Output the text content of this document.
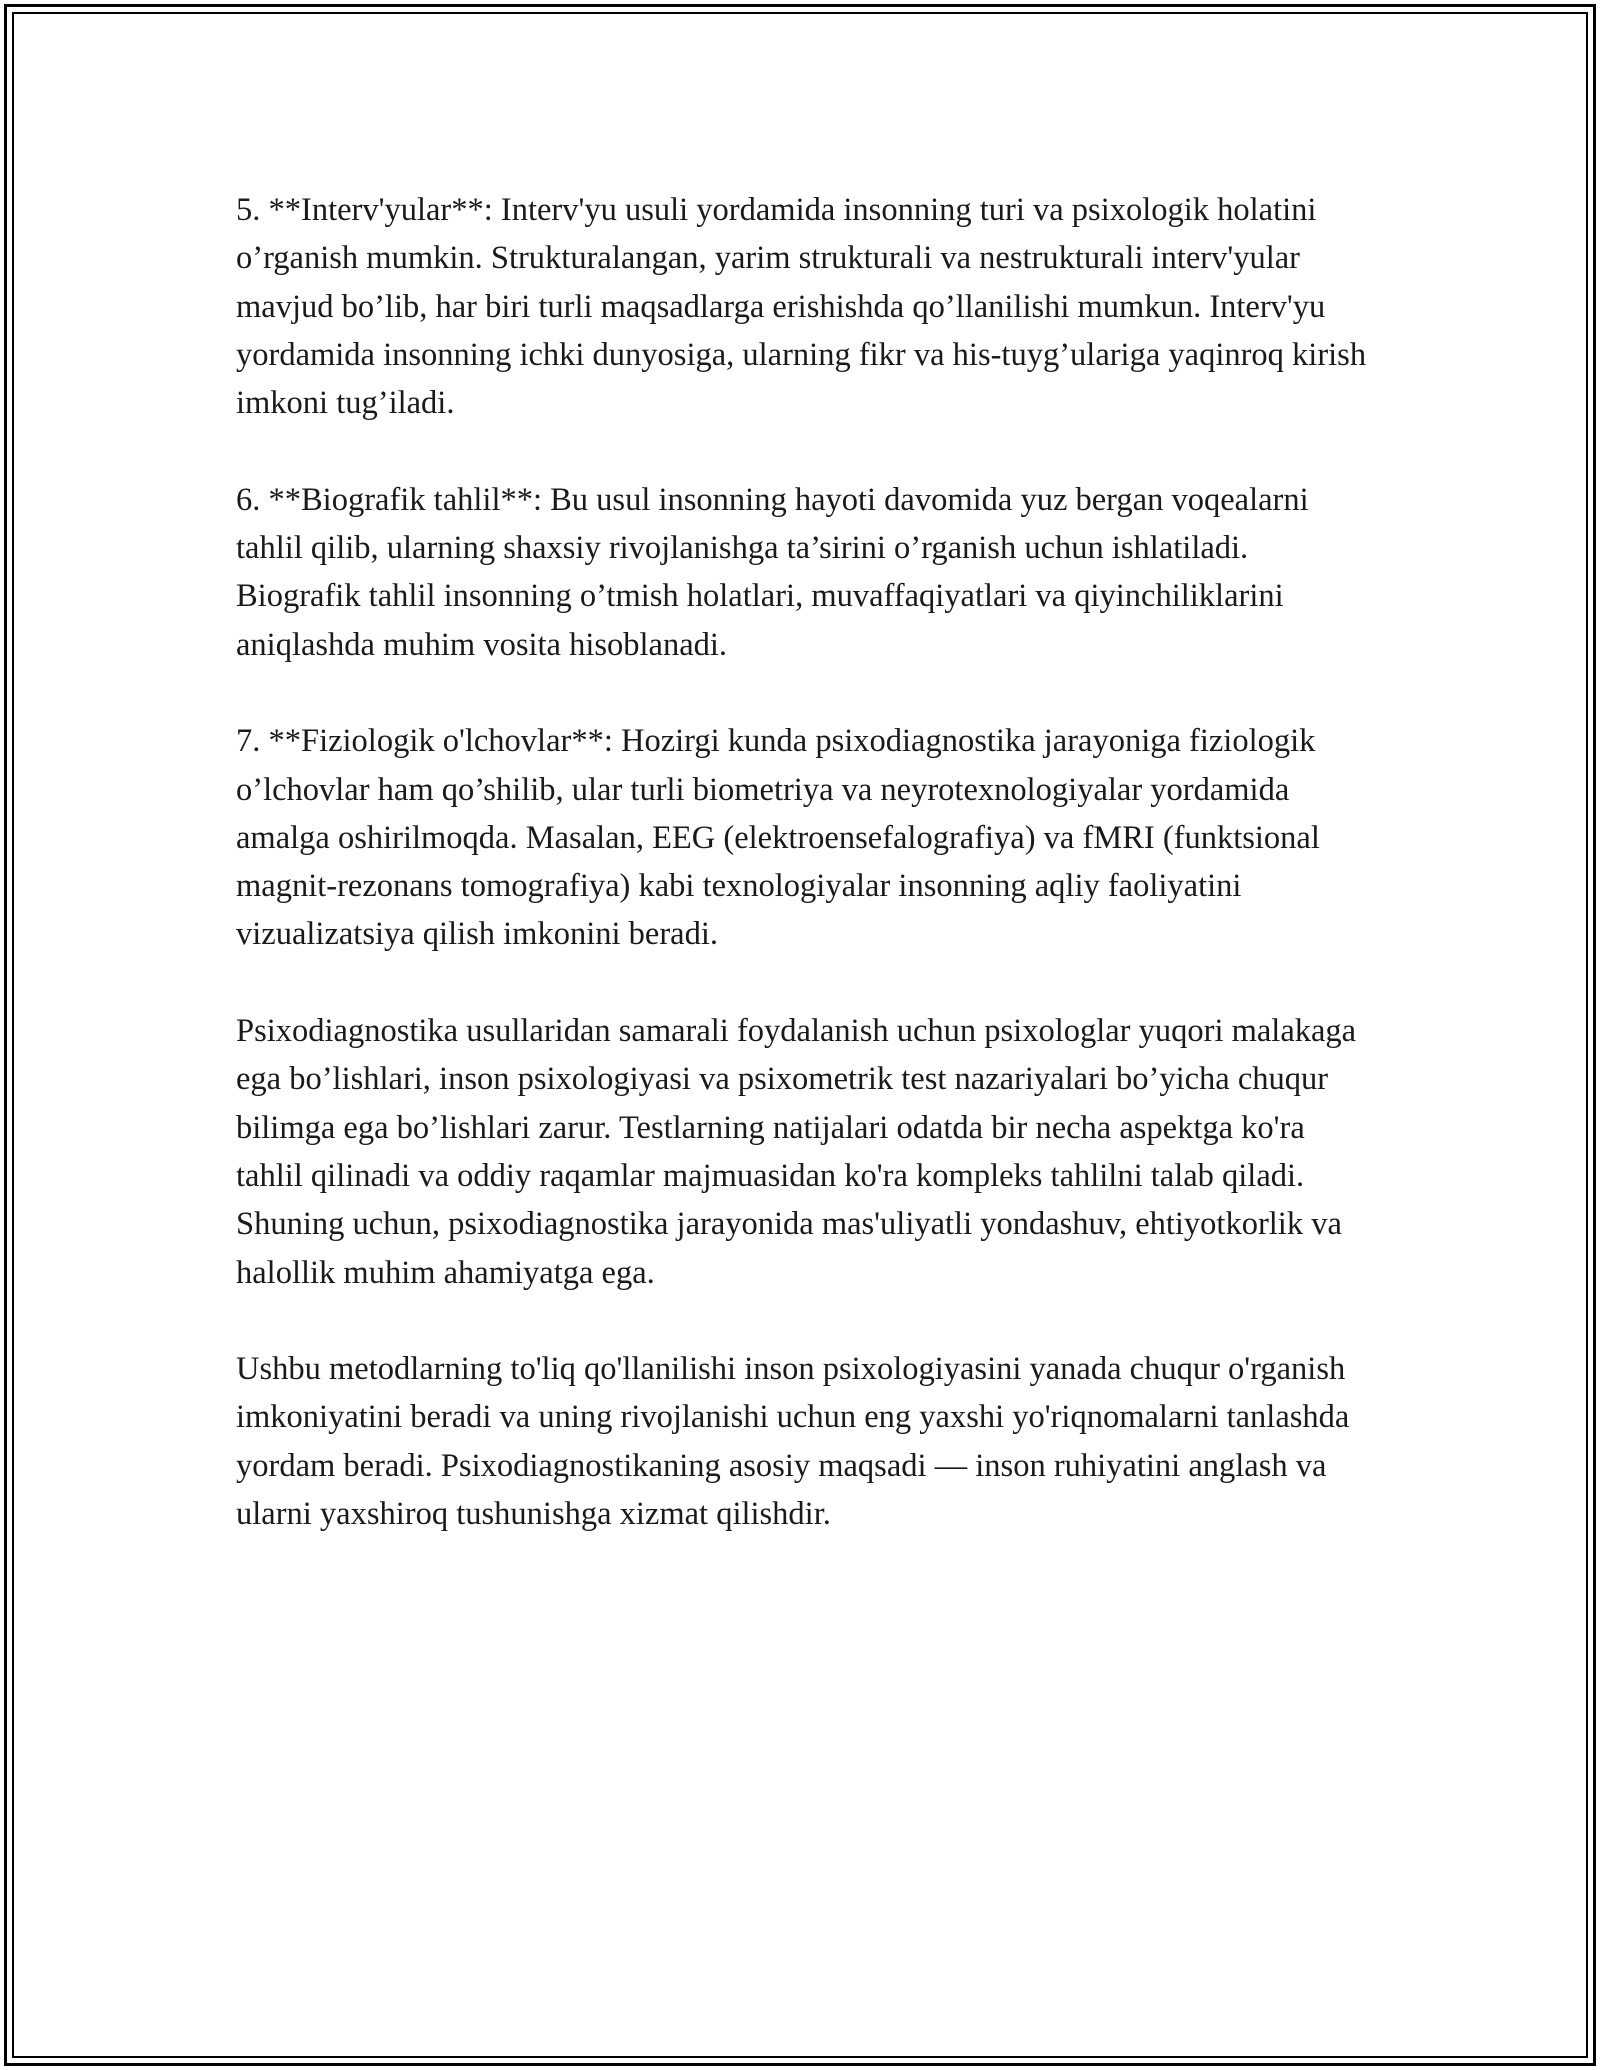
5. **Interv'yular**: Interv'yu usuli yordamida insonning turi va psixologik holatini o’rganish mumkin. Strukturalangan, yarim strukturali va nestrukturali interv'yular mavjud bo’lib, har biri turli maqsadlarga erishishda qo’llanilishi mumkun. Interv'yu yordamida insonning ichki dunyosiga, ularning fikr va his-tuyg’ulariga yaqinroq kirish imkoni tug’iladi.

6. **Biografik tahlil**: Bu usul insonning hayoti davomida yuz bergan voqealarni tahlil qilib, ularning shaxsiy rivojlanishga ta’sirini o’rganish uchun ishlatiladi. Biografik tahlil insonning o’tmish holatlari, muvaffaqiyatlari va qiyinchiliklarini aniqlashda muhim vosita hisoblanadi.

7. **Fiziologik o'lchovlar**: Hozirgi kunda psixodiagnostika jarayoniga fiziologik o’lchovlar ham qo’shilib, ular turli biometriya va neyrotexnologiyalar yordamida amalga oshirilmoqda. Masalan, EEG (elektroensefalografiya) va fMRI (funktsional magnit-rezonans tomografiya) kabi texnologiyalar insonning aqliy faoliyatini vizualizatsiya qilish imkonini beradi.

Psixodiagnostika usullaridan samarali foydalanish uchun psixologlar yuqori malakaga ega bo’lishlari, inson psixologiyasi va psixometrik test nazariyalari bo’yicha chuqur bilimga ega bo’lishlari zarur. Testlarning natijalari odatda bir necha aspektga ko'ra tahlil qilinadi va oddiy raqamlar majmuasidan ko'ra kompleks tahlilni talab qiladi. Shuning uchun, psixodiagnostika jarayonida mas'uliyatli yondashuv, ehtiyotkorlik va halollik muhim ahamiyatga ega.

Ushbu metodlarning to'liq qo'llanilishi inson psixologiyasini yanada chuqur o'rganish imkoniyatini beradi va uning rivojlanishi uchun eng yaxshi yo'riqnomalarni tanlashda yordam beradi. Psixodiagnostikaning asosiy maqsadi — inson ruhiyatini anglash va ularni yaxshiroq tushunishga xizmat qilishdir.
